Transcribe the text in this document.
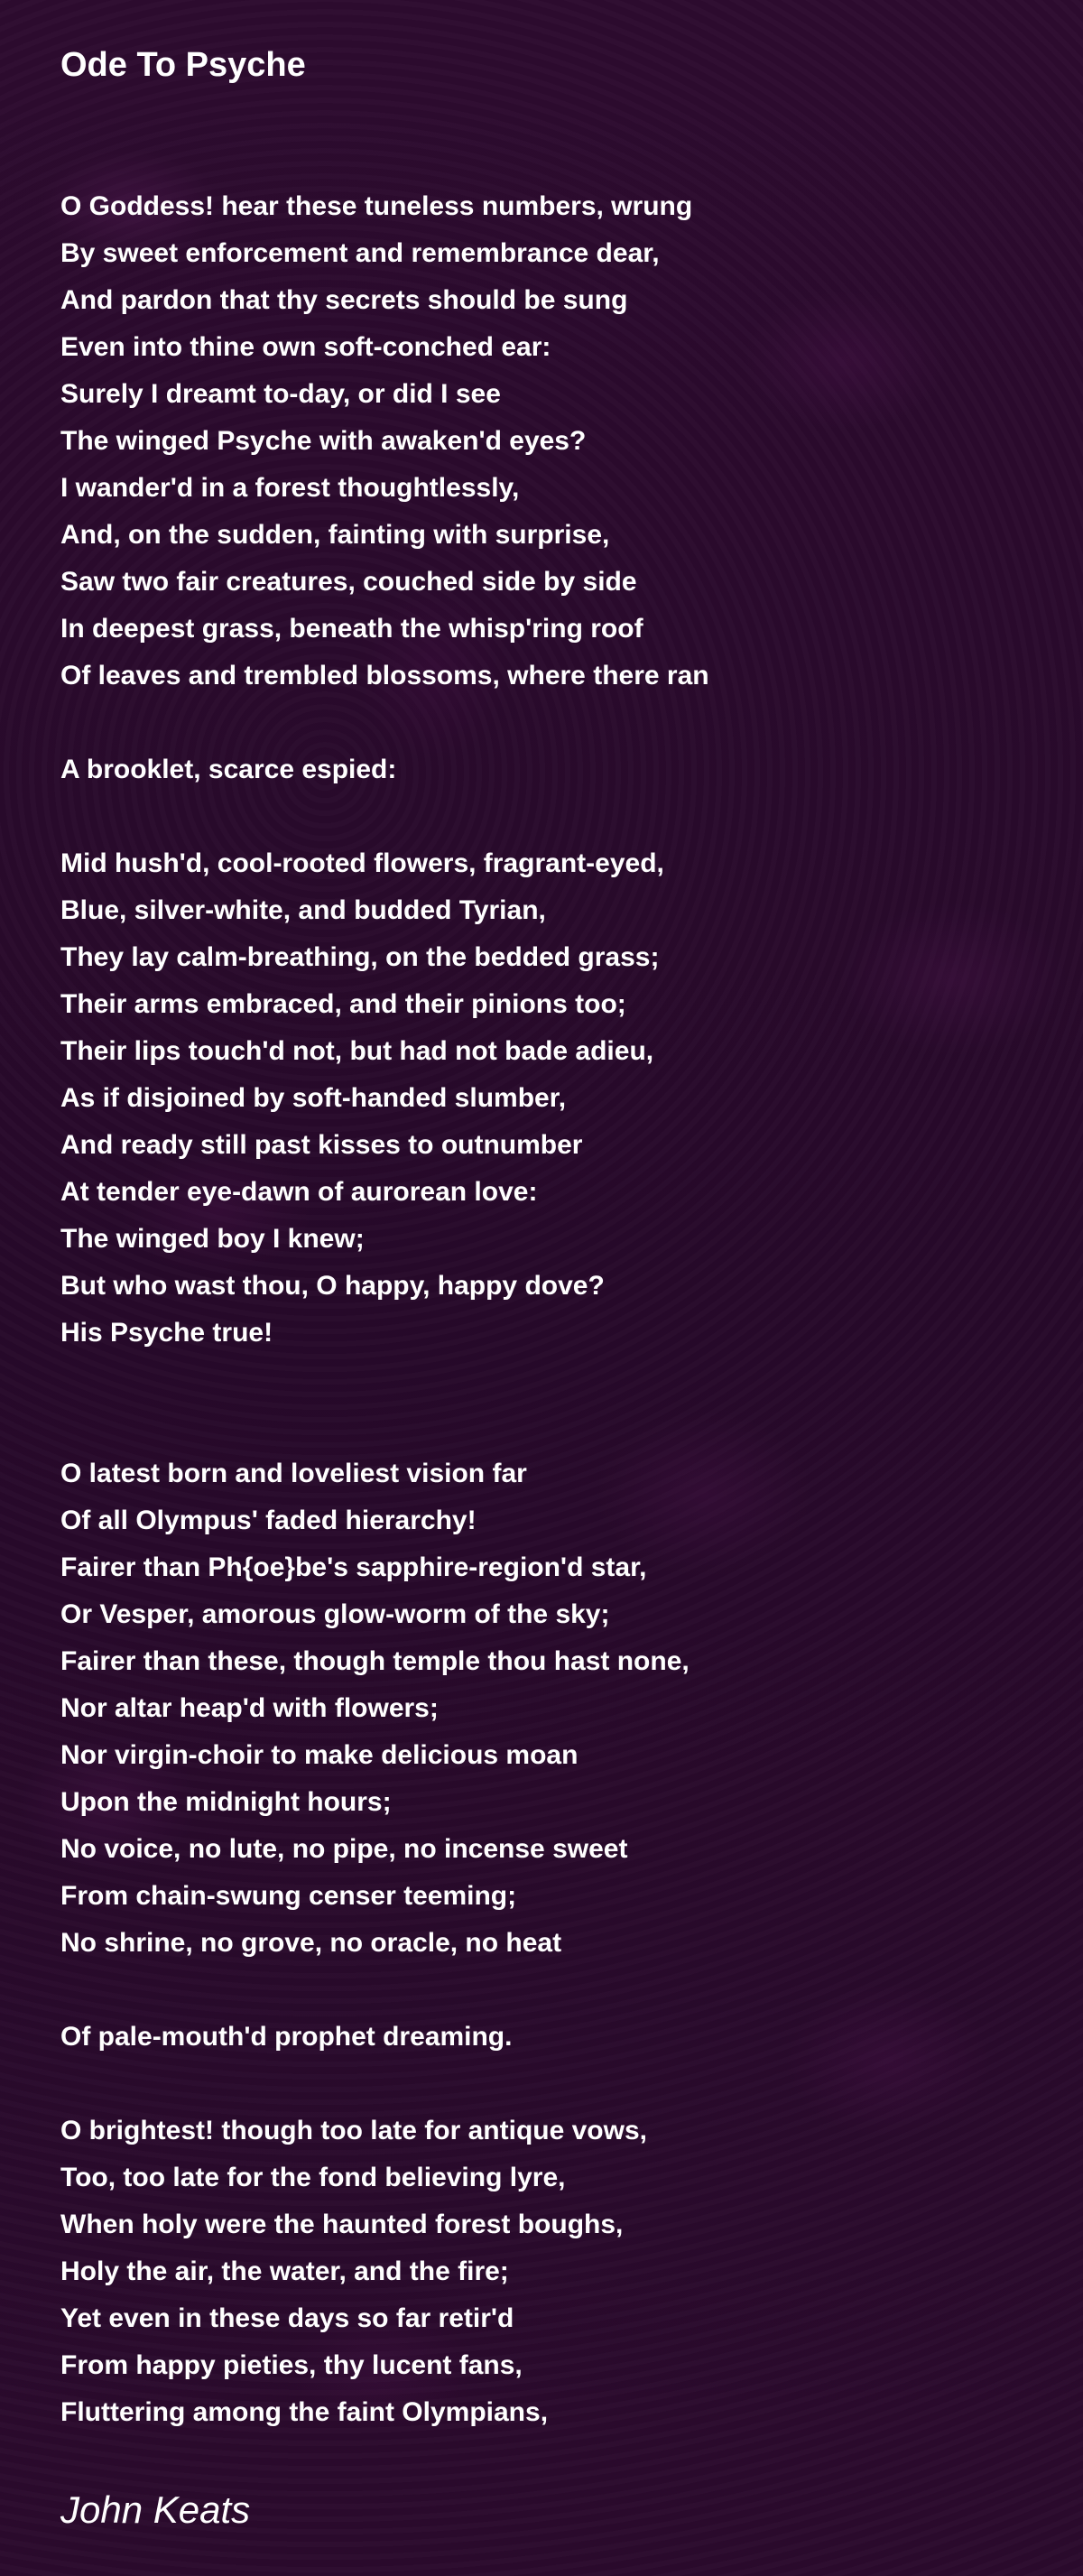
Ode To Psyche
O Goddess! hear these tuneless numbers, wrung
By sweet enforcement and remembrance dear,
And pardon that thy secrets should be sung
Even into thine own soft-conched ear:
Surely I dreamt to-day, or did I see
The winged Psyche with awaken'd eyes?
I wander'd in a forest thoughtlessly,
And, on the sudden, fainting with surprise,
Saw two fair creatures, couched side by side
In deepest grass, beneath the whisp'ring roof
Of leaves and trembled blossoms, where there ran
A brooklet, scarce espied:
Mid hush'd, cool-rooted flowers, fragrant-eyed,
Blue, silver-white, and budded Tyrian,
They lay calm-breathing, on the bedded grass;
Their arms embraced, and their pinions too;
Their lips touch'd not, but had not bade adieu,
As if disjoined by soft-handed slumber,
And ready still past kisses to outnumber
At tender eye-dawn of aurorean love:
The winged boy I knew;
But who wast thou, O happy, happy dove?
His Psyche true!
O latest born and loveliest vision far
Of all Olympus' faded hierarchy!
Fairer than Ph{oe}be's sapphire-region'd star,
Or Vesper, amorous glow-worm of the sky;
Fairer than these, though temple thou hast none,
Nor altar heap'd with flowers;
Nor virgin-choir to make delicious moan
Upon the midnight hours;
No voice, no lute, no pipe, no incense sweet
From chain-swung censer teeming;
No shrine, no grove, no oracle, no heat
Of pale-mouth'd prophet dreaming.
O brightest! though too late for antique vows,
Too, too late for the fond believing lyre,
When holy were the haunted forest boughs,
Holy the air, the water, and the fire;
Yet even in these days so far retir'd
From happy pieties, thy lucent fans,
Fluttering among the faint Olympians,
John Keats
